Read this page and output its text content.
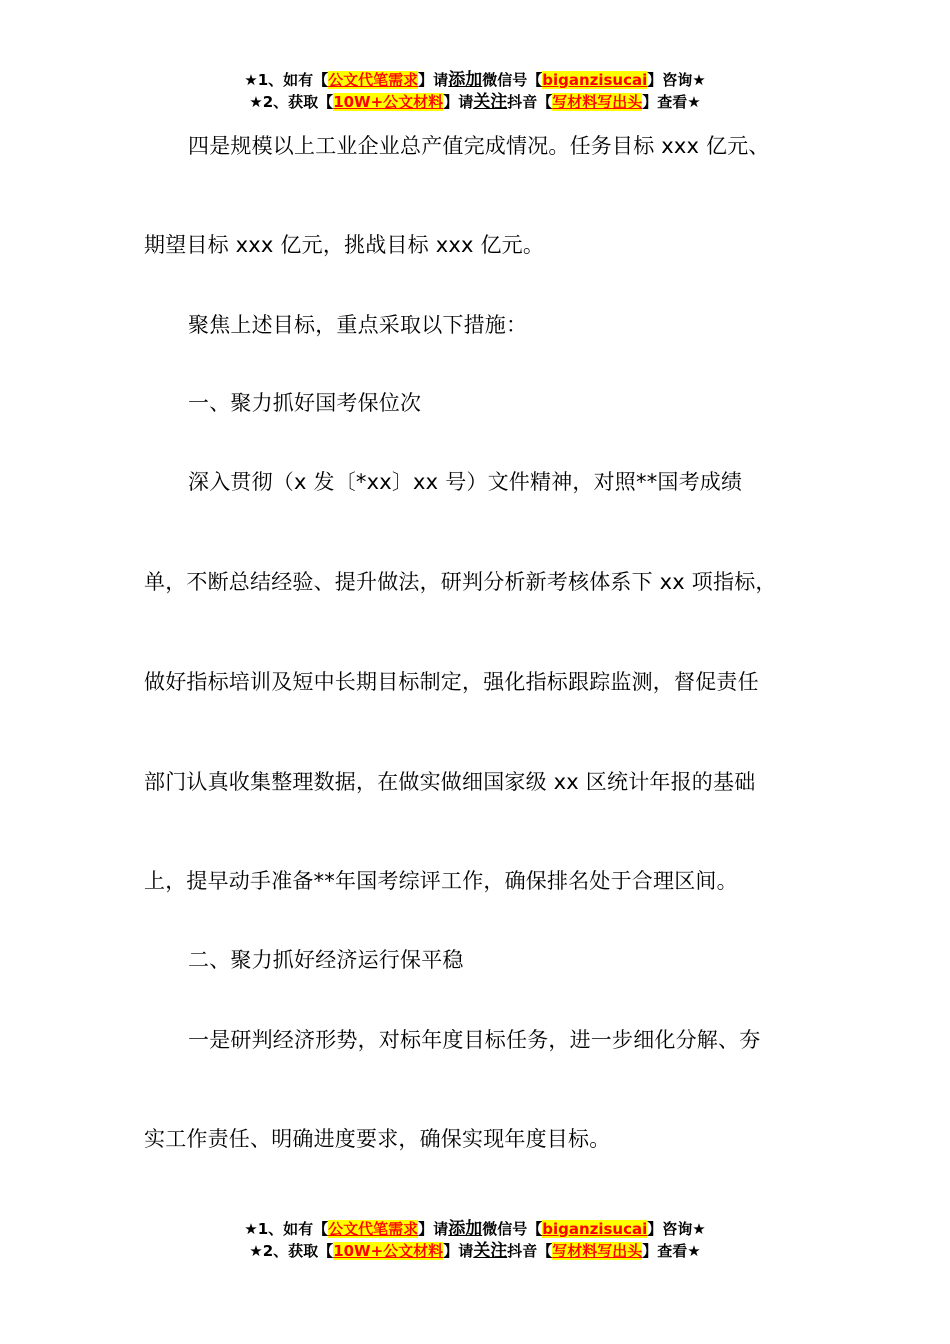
★1、如有【公文代笔需求】请添加微信号【biganzisucai】咨询★
★2、获取【10W+公文材料】请关注抖音【写材料写出头】查看★
四是规模以上工业企业总产值完成情况。任务目标 xxx 亿元、
期望目标 xxx 亿元，挑战目标 xxx 亿元。
聚焦上述目标，重点采取以下措施：
一、聚力抓好国考保位次
深入贯彻（x 发〔*xx〕xx 号）文件精神，对照**国考成绩
单，不断总结经验、提升做法，研判分析新考核体系下 xx 项指标，
做好指标培训及短中长期目标制定，强化指标跟踪监测，督促责任
部门认真收集整理数据，在做实做细国家级 xx 区统计年报的基础
上，提早动手准备**年国考综评工作，确保排名处于合理区间。
二、聚力抓好经济运行保平稳
一是研判经济形势，对标年度目标任务，进一步细化分解、夯
实工作责任、明确进度要求，确保实现年度目标。
★1、如有【公文代笔需求】请添加微信号【biganzisucai】咨询★
★2、获取【10W+公文材料】请关注抖音【写材料写出头】查看★
